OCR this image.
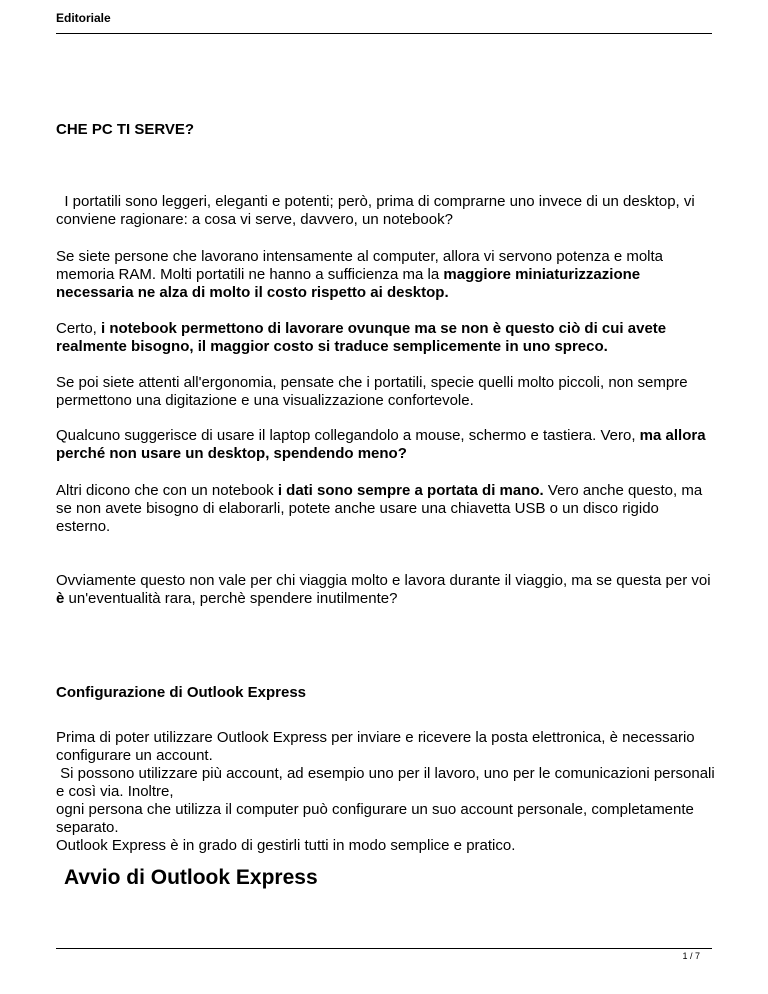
Editoriale

CHE PC TI SERVE?

I portatili sono leggeri, eleganti e potenti; però, prima di comprarne uno invece di un desktop, vi conviene ragionare: a cosa vi serve, davvero, un notebook?

Se siete persone che lavorano intensamente al computer, allora vi servono potenza e molta memoria RAM. Molti portatili ne hanno a sufficienza ma la maggiore miniaturizzazione necessaria ne alza di molto il costo rispetto ai desktop.

Certo, i notebook permettono di lavorare ovunque ma se non è questo ciò di cui avete realmente bisogno, il maggior costo si traduce semplicemente in uno spreco.

Se poi siete attenti all'ergonomia, pensate che i portatili, specie quelli molto piccoli, non sempre permettono una digitazione e una visualizzazione confortevole.

Qualcuno suggerisce di usare il laptop collegandolo a mouse, schermo e tastiera. Vero, ma allora perché non usare un desktop, spendendo meno?

Altri dicono che con un notebook i dati sono sempre a portata di mano. Vero anche questo, ma se non avete bisogno di elaborarli, potete anche usare una chiavetta USB o un disco rigido esterno.

Ovviamente questo non vale per chi viaggia molto e lavora durante il viaggio, ma se questa per voi è un'eventualità rara, perchè spendere inutilmente?

Configurazione di Outlook Express

Prima di poter utilizzare Outlook Express per inviare e ricevere la posta elettronica, è necessario configurare un account.
Si possono utilizzare più account, ad esempio uno per il lavoro, uno per le comunicazioni personali e così via. Inoltre,
ogni persona che utilizza il computer può configurare un suo account personale, completamente separato.
Outlook Express è in grado di gestirli tutti in modo semplice e pratico.

Avvio di Outlook Express

1 / 7
